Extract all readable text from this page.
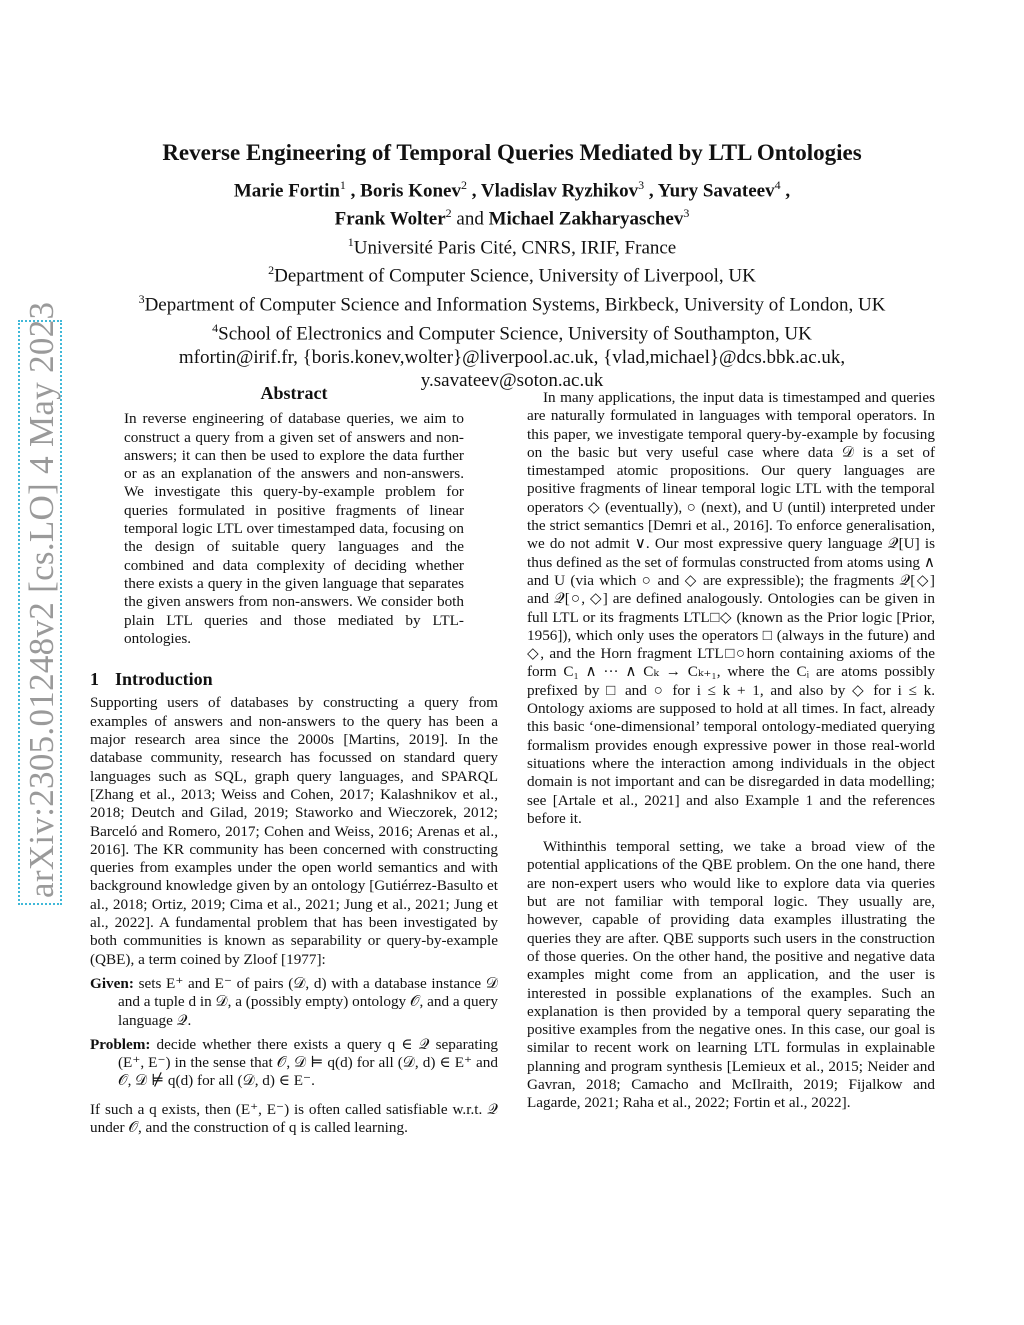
arXiv:2305.01248v2 [cs.LO] 4 May 2023
Reverse Engineering of Temporal Queries Mediated by LTL Ontologies
Marie Fortin$^1$ , Boris Konev$^2$ , Vladislav Ryzhikov$^3$ , Yury Savateev$^4$ ,
Frank Wolter$^2$ and Michael Zakharyaschev$^3$
$^1$Université Paris Cité, CNRS, IRIF, France
$^2$Department of Computer Science, University of Liverpool, UK
$^3$Department of Computer Science and Information Systems, Birkbeck, University of London, UK
$^4$School of Electronics and Computer Science, University of Southampton, UK
mfortin@irif.fr, {boris.konev,wolter}@liverpool.ac.uk, {vlad,michael}@dcs.bbk.ac.uk,
y.savateev@soton.ac.uk
Abstract

In reverse engineering of database queries, we aim to construct a query from a given set of answers and non-answers; it can then be used to explore the data further or as an explanation of the answers and non-answers. We investigate this query-by-example problem for queries formulated in positive fragments of linear temporal logic LTL over timestamped data, focusing on the design of suitable query languages and the combined and data complexity of deciding whether there exists a query in the given language that separates the given answers from non-answers. We consider both plain LTL queries and those mediated by LTL-ontologies.

1 Introduction

Supporting users of databases by constructing a query from examples of answers and non-answers to the query has been a major research area since the 2000s [Martins, 2019]. In the database community, research has focussed on standard query languages such as SQL, graph query languages, and SPARQL [Zhang et al., 2013; Weiss and Cohen, 2017; Kalashnikov et al., 2018; Deutch and Gilad, 2019; Staworko and Wieczorek, 2012; Barceló and Romero, 2017; Cohen and Weiss, 2016; Arenas et al., 2016]. The KR community has been concerned with constructing queries from examples under the open world semantics and with background knowledge given by an ontology [Gutiérrez-Basulto et al., 2018; Ortiz, 2019; Cima et al., 2021; Jung et al., 2021; Jung et al., 2022]. A fundamental problem that has been investigated by both communities is known as separability or query-by-example (QBE), a term coined by Zloof [1977]:

Given: sets E⁺ and E⁻ of pairs (𝒟, d) with a database instance 𝒟 and a tuple d in 𝒟, a (possibly empty) ontology 𝒪, and a query language 𝒬.
Problem: decide whether there exists a query q ∈ 𝒬 separating (E⁺, E⁻) in the sense that 𝒪, 𝒟 ⊨ q(d) for all (𝒟, d) ∈ E⁺ and 𝒪, 𝒟 ⊭ q(d) for all (𝒟, d) ∈ E⁻.

If such a q exists, then (E⁺, E⁻) is often called satisfiable w.r.t. 𝒬 under 𝒪, and the construction of q is called learning.

In many applications, the input data is timestamped and queries are naturally formulated in languages with temporal operators. In this paper, we investigate temporal query-by-example by focusing on the basic but very useful case where data 𝒟 is a set of timestamped atomic propositions. Our query languages are positive fragments of linear temporal logic LTL with the temporal operators ◇ (eventually), ○ (next), and U (until) interpreted under the strict semantics [Demri et al., 2016]. To enforce generalisation, we do not admit ∨. Our most expressive query language 𝒬[U] is thus defined as the set of formulas constructed from atoms using ∧ and U (via which ○ and ◇ are expressible); the fragments 𝒬[◇] and 𝒬[○, ◇] are defined analogously. Ontologies can be given in full LTL or its fragments LTL□◇ (known as the Prior logic [Prior, 1956]), which only uses the operators □ (always in the future) and ◇, and the Horn fragment LTL□○horn containing axioms of the form C₁ ∧ ··· ∧ Cₖ → Cₖ₊₁, where the Cᵢ are atoms possibly prefixed by □ and ○ for i ≤ k + 1, and also by ◇ for i ≤ k. Ontology axioms are supposed to hold at all times. In fact, already this basic ‘one-dimensional’ temporal ontology-mediated querying formalism provides enough expressive power in those real-world situations where the interaction among individuals in the object domain is not important and can be disregarded in data modelling; see [Artale et al., 2021] and also Example 1 and the references before it.

Withinthis temporal setting, we take a broad view of the potential applications of the QBE problem. On the one hand, there are non-expert users who would like to explore data via queries but are not familiar with temporal logic. They usually are, however, capable of providing data examples illustrating the queries they are after. QBE supports such users in the construction of those queries. On the other hand, the positive and negative data examples might come from an application, and the user is interested in possible explanations of the examples. Such an explanation is then provided by a temporal query separating the positive examples from the negative ones. In this case, our goal is similar to recent work on learning LTL formulas in explainable planning and program synthesis [Lemieux et al., 2015; Neider and Gavran, 2018; Camacho and McIlraith, 2019; Fijalkow and Lagarde, 2021; Raha et al., 2022; Fortin et al., 2022].
